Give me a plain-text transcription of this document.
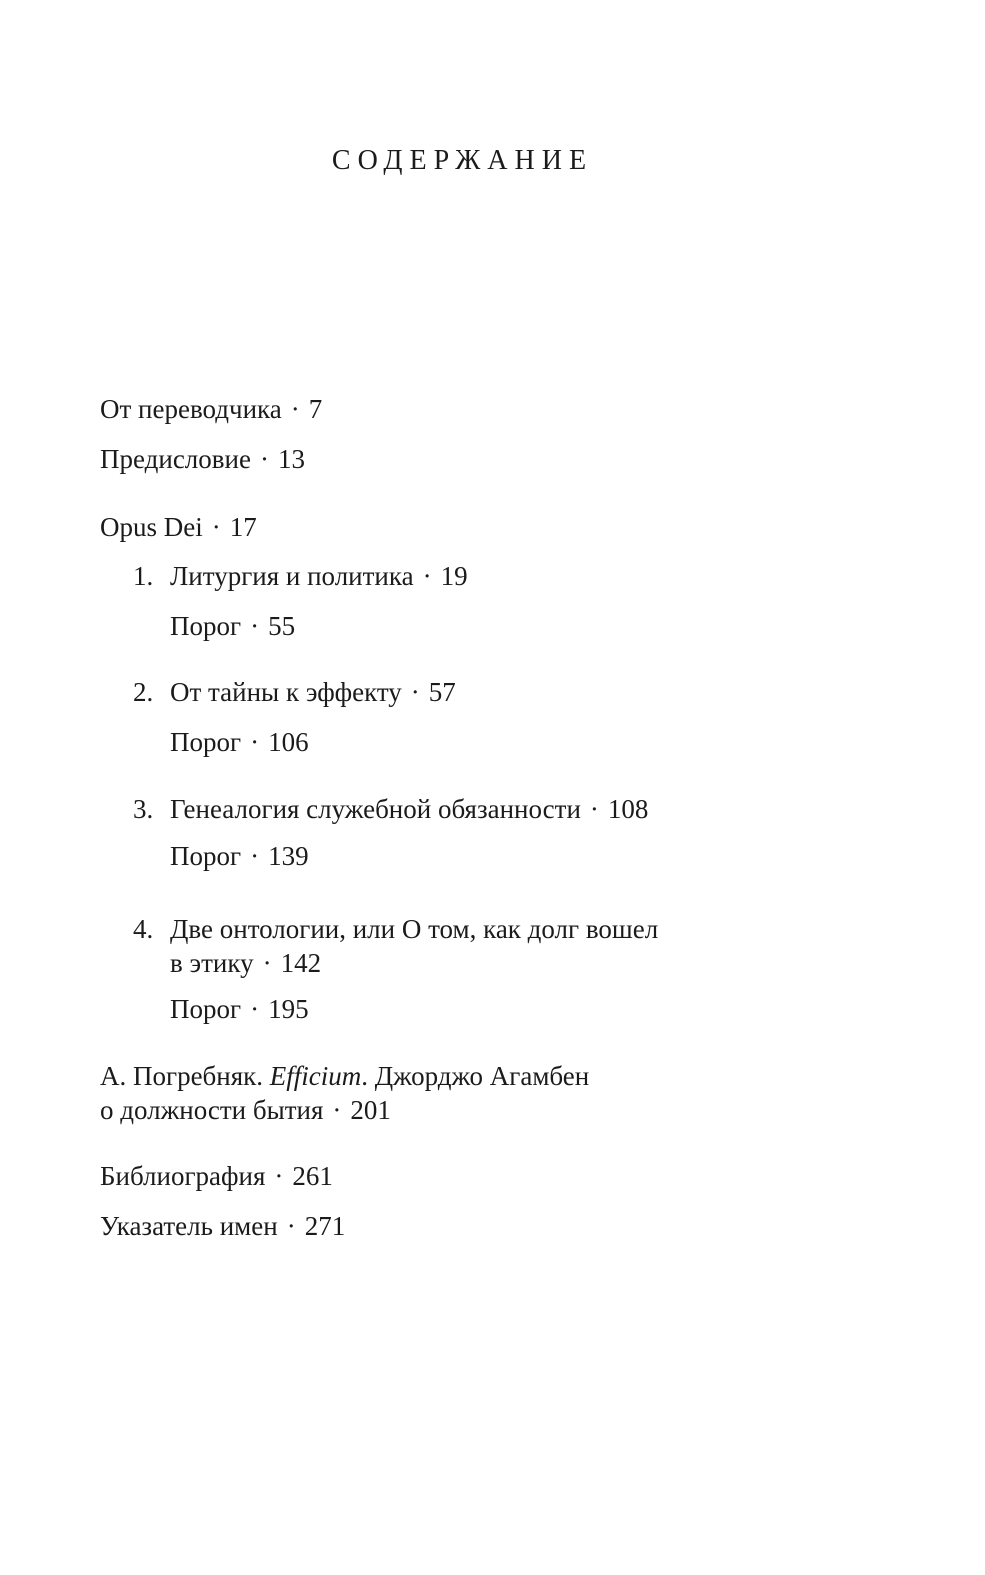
СОДЕРЖАНИЕ
От переводчика · 7
Предисловие · 13
Opus Dei · 17
1. Литургия и политика · 19
Порог · 55
2. От тайны к эффекту · 57
Порог · 106
3. Генеалогия служебной обязанности · 108
Порог · 139
4. Две онтологии, или О том, как долг вошел
в этику · 142
Порог · 195
А. Погребняк. Efficium. Джорджо Агамбен
о должности бытия · 201
Библиография · 261
Указатель имен · 271
